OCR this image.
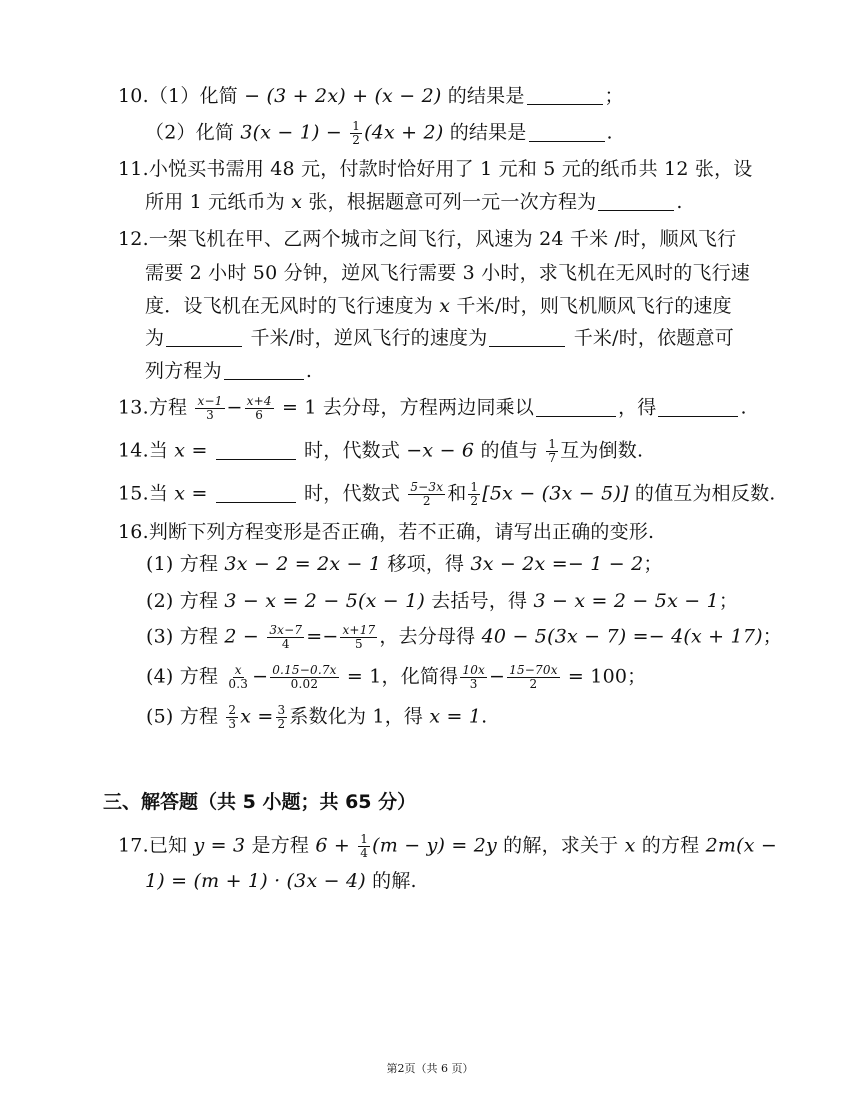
10.（1）化简 − (3 + 2x) + (x − 2) 的结果是	；
（2）化简 $3(x - 1) - \frac{1}{2} (4x + 2)$ 的结果是	.
11.小悦买书需用 48 元，付款时恰好用了 1 元和 5 元的纸币共 12 张，设
所用 1 元纸币为 x 张，根据题意可列一元一次方程为	.
12.一架飞机在甲、乙两个城市之间飞行，风速为 24 千米 /时，顺风飞行
需要 2 小时 50 分钟，逆风飞行需要 3 小时，求飞机在无风时的飞行速
度．设飞机在无风时的飞行速度为 x 千米/时，则飞机顺风飞行的速度
为	千米/时，逆风飞行的速度为	千米/时，依题意可
列方程为	.
13.方程 $\frac{x-1}{3} - \frac{x+4}{6} = 1$ 去分母，方程两边同乘以	，得	.
14.当 x =	时，代数式 −x − 6 的值与 $\frac{1}{7}$ 互为倒数.
15.当 x =	时，代数式 $\frac{5-3x}{2}$ 和 $\frac{1}{2} [5x - (3x - 5)]$ 的值互为相反数.
16.判断下列方程变形是否正确，若不正确，请写出正确的变形.
(1) 方程 3x − 2 = 2x − 1 移项，得 3x − 2x =− 1 − 2；
(2) 方程 3 − x = 2 − 5(x − 1) 去括号，得 3 − x = 2 − 5x − 1；
(3) 方程 $2 - \frac{3x-7}{4} =- \frac{x+17}{5}$ ，去分母得 40 − 5(3x − 7) =− 4(x + 17)；
(4) 方程 $\frac{x}{0.3} - \frac{0.15-0.7x}{0.02} = 1$，化简得 $\frac{10x}{3} - \frac{15-70x}{2} = 100$；
(5) 方程 $\frac{2}{3}$ $x = \frac{3}{2}$ 系数化为 1，得 x = 1.
三、解答题（共 5 小题；共 65 分）
17.已知 y = 3 是方程 $6 + \frac{1}{4} (m - y) = 2y$ 的解，求关于 x 的方程 2m(x −
1) = (m + 1) · (3x − 4) 的解.
第2页（共 6 页）
